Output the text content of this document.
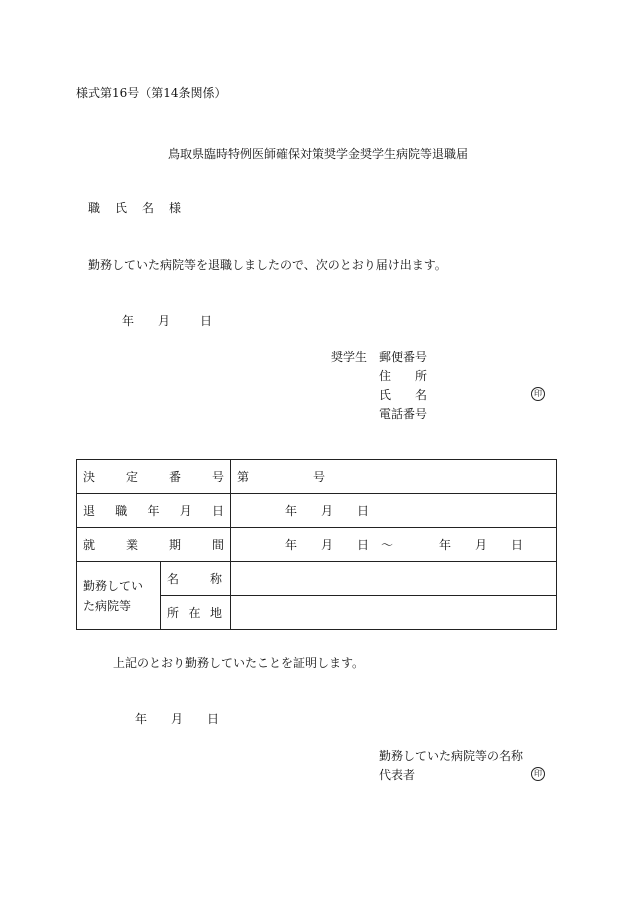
様式第16号（第14条関係）
鳥取県臨時特例医師確保対策奨学金奨学生病院等退職届
職 氏 名 様
勤務していた病院等を退職しましたので、次のとおり届け出ます。
年 月 日
奨学生 郵便番号
住　　所
氏　　名	印
電話番号
決 定 番 号		第 号

退 職 年 月 日		年 月 日

就 業 期 間		年 月 日 〜 年 月 日
勤務していた病院等	名 称	

	所 在 地	

上記のとおり勤務していたことを証明します。
年 月 日
勤務していた病院等の名称
代表者	印
